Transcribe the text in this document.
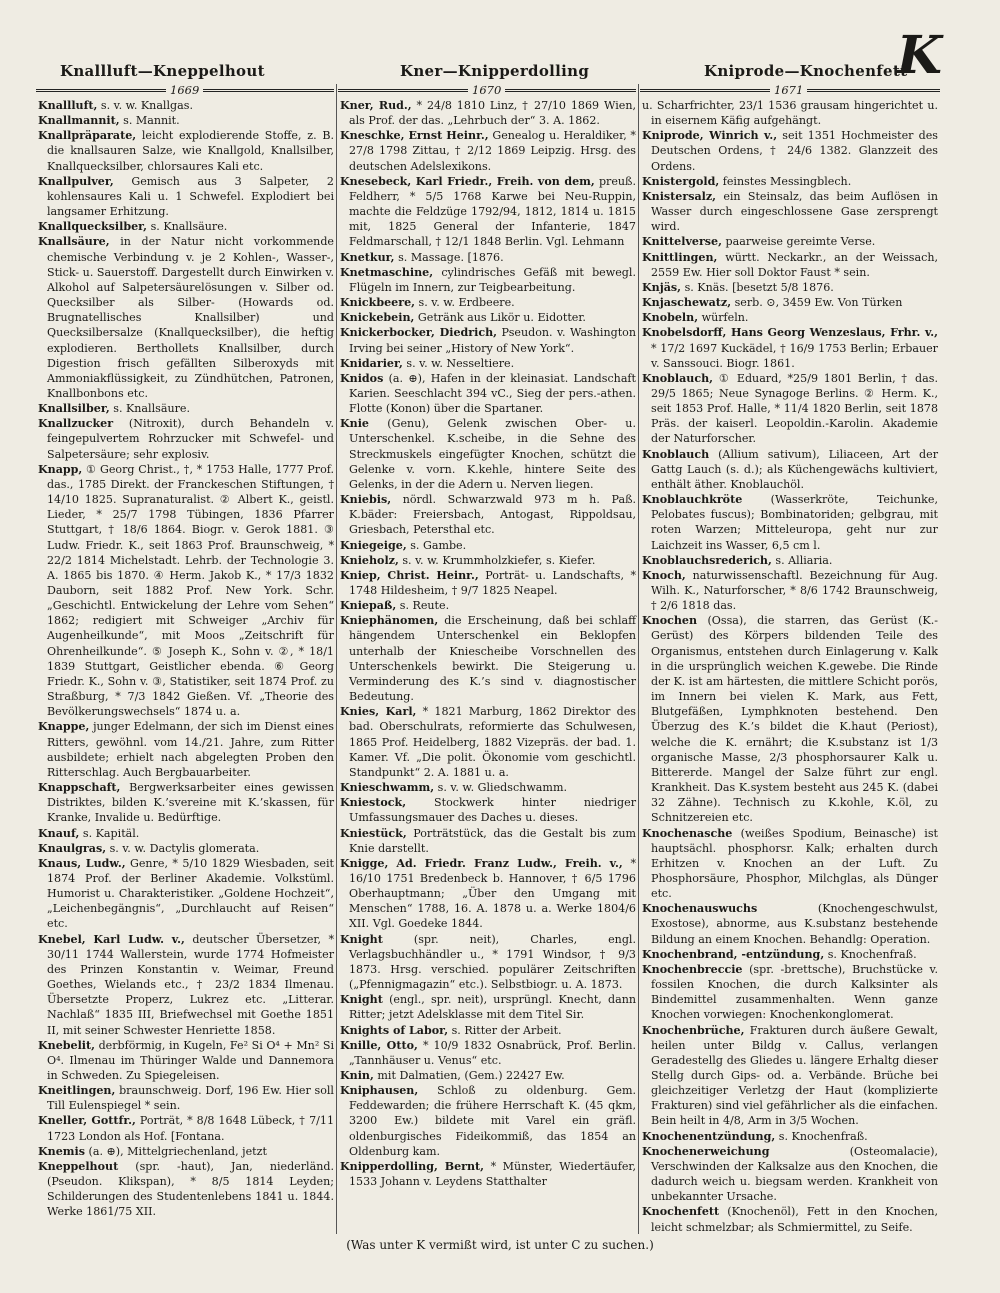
Knallluft—Kneppelhout	Kner—Knipperdolling	Kniprode—Knochenfett
K
1669	1670	1671

Knallluft, s. v. w. Knallgas.

Knallmannit, s. Mannit.

Knallpräparate, leicht explodierende Stoffe, z. B. die knallsauren Salze, wie Knallgold, Knallsilber, Knallquecksilber, chlorsaures Kali etc.

Knallpulver, Gemisch aus 3 Salpeter, 2 kohlensaures Kali u. 1 Schwefel. Explodiert bei langsamer Erhitzung.

Knallquecksilber, s. Knallsäure.

Knallsäure, in der Natur nicht vorkommende chemische Verbindung v. je 2 Kohlen-, Wasser-, Stick- u. Sauerstoff. Dargestellt durch Einwirken v. Alkohol auf Salpetersäurelösungen v. Silber od. Quecksilber als Silber- (Howards od. Brugnatellisches Knallsilber) und Quecksilbersalze (Knallquecksilber), die heftig explodieren. Berthollets Knallsilber, durch Digestion frisch gefällten Silberoxyds mit Ammoniakflüssigkeit, zu Zündhütchen, Patronen, Knallbonbons etc.

Knallsilber, s. Knallsäure.

Knallzucker (Nitroxit), durch Behandeln v. feingepulvertem Rohrzucker mit Schwefel- und Salpetersäure; sehr explosiv.

Knapp, ① Georg Christ., †, * 1753 Halle, 1777 Prof. das., 1785 Direkt. der Franckeschen Stiftungen, † 14/10 1825. Supranaturalist. ② Albert K., geistl. Lieder, * 25/7 1798 Tübingen, 1836 Pfarrer Stuttgart, † 18/6 1864. Biogr. v. Gerok 1881. ③ Ludw. Friedr. K., seit 1863 Prof. Braunschweig, * 22/2 1814 Michelstadt. Lehrb. der Technologie 3. A. 1865 bis 1870. ④ Herm. Jakob K., * 17/3 1832 Dauborn, seit 1882 Prof. New York. Schr. „Geschichtl. Entwickelung der Lehre vom Sehen“ 1862; redigiert mit Schweiger „Archiv für Augenheilkunde“, mit Moos „Zeitschrift für Ohrenheilkunde“. ⑤ Joseph K., Sohn v. ②, * 18/1 1839 Stuttgart, Geistlicher ebenda. ⑥ Georg Friedr. K., Sohn v. ③, Statistiker, seit 1874 Prof. zu Straßburg, * 7/3 1842 Gießen. Vf. „Theorie des Bevölkerungswechsels“ 1874 u. a.

Knappe, junger Edelmann, der sich im Dienst eines Ritters, gewöhnl. vom 14./21. Jahre, zum Ritter ausbildete; erhielt nach abgelegten Proben den Ritterschlag. Auch Bergbauarbeiter.

Knappschaft, Bergwerksarbeiter eines gewissen Distriktes, bilden K.’svereine mit K.’skassen, für Kranke, Invalide u. Bedürftige.

Knauf, s. Kapitäl.

Knaulgras, s. v. w. Dactylis glomerata.

Knaus, Ludw., Genre, * 5/10 1829 Wiesbaden, seit 1874 Prof. der Berliner Akademie. Volkstüml. Humorist u. Charakteristiker. „Goldene Hochzeit“, „Leichenbegängnis“, „Durchlaucht auf Reisen“ etc.

Knebel, Karl Ludw. v., deutscher Übersetzer, * 30/11 1744 Wallerstein, wurde 1774 Hofmeister des Prinzen Konstantin v. Weimar, Freund Goethes, Wielands etc., † 23/2 1834 Ilmenau. Übersetzte Properz, Lukrez etc. „Litterar. Nachlaß“ 1835 III, Briefwechsel mit Goethe 1851 II, mit seiner Schwester Henriette 1858.

Knebelit, derbförmig, in Kugeln, Fe² Si O⁴ + Mn² Si O⁴. Ilmenau im Thüringer Walde und Dannemora in Schweden. Zu Spiegeleisen.

Kneitlingen, braunschweig. Dorf, 196 Ew. Hier soll Till Eulenspiegel * sein.

Kneller, Gottfr., Porträt, * 8/8 1648 Lübeck, † 7/11 1723 London als Hof. [Fontana.

Knemis (a. ⊕), Mittelgriechenland, jetzt

Kneppelhout (spr. -haut), Jan, niederländ. (Pseudon. Klikspan), * 8/5 1814 Leyden; Schilderungen des Studentenlebens 1841 u. 1844. Werke 1861/75 XII.

Kner, Rud., * 24/8 1810 Linz, † 27/10 1869 Wien, als Prof. der das. „Lehrbuch der“ 3. A. 1862.

Kneschke, Ernst Heinr., Genealog u. Heraldiker, * 27/8 1798 Zittau, † 2/12 1869 Leipzig. Hrsg. des deutschen Adelslexikons.

Knesebeck, Karl Friedr., Freih. von dem, preuß. Feldherr, * 5/5 1768 Karwe bei Neu-Ruppin, machte die Feldzüge 1792/94, 1812, 1814 u. 1815 mit, 1825 General der Infanterie, 1847 Feldmarschall, † 12/1 1848 Berlin. Vgl. Lehmann

Knetkur, s. Massage. [1876.

Knetmaschine, cylindrisches Gefäß mit bewegl. Flügeln im Innern, zur Teigbearbeitung.

Knickbeere, s. v. w. Erdbeere.

Knickebein, Getränk aus Likör u. Eidotter.

Knickerbocker, Diedrich, Pseudon. v. Washington Irving bei seiner „History of New York“.

Knidarier, s. v. w. Nesseltiere.

Knidos (a. ⊕), Hafen in der kleinasiat. Landschaft Karien. Seeschlacht 394 vC., Sieg der pers.-athen. Flotte (Konon) über die Spartaner.

Knie (Genu), Gelenk zwischen Ober- u. Unterschenkel. K.scheibe, in die Sehne des Streckmuskels eingefügter Knochen, schützt die Gelenke v. vorn. K.kehle, hintere Seite des Gelenks, in der die Adern u. Nerven liegen.

Kniebis, nördl. Schwarzwald 973 m h. Paß. K.bäder: Freiersbach, Antogast, Rippoldsau, Griesbach, Petersthal etc.

Kniegeige, s. Gambe.

Knieholz, s. v. w. Krummholzkiefer, s. Kiefer.

Kniep, Christ. Heinr., Porträt- u. Landschafts, * 1748 Hildesheim, † 9/7 1825 Neapel.

Kniepaß, s. Reute.

Kniephänomen, die Erscheinung, daß bei schlaff hängendem Unterschenkel ein Beklopfen unterhalb der Kniescheibe Vorschnellen des Unterschenkels bewirkt. Die Steigerung u. Verminderung des K.’s sind v. diagnostischer Bedeutung.

Knies, Karl, * 1821 Marburg, 1862 Direktor des bad. Oberschulrats, reformierte das Schulwesen, 1865 Prof. Heidelberg, 1882 Vizepräs. der bad. 1. Kamer. Vf. „Die polit. Ökonomie vom geschichtl. Standpunkt“ 2. A. 1881 u. a.

Knieschwamm, s. v. w. Gliedschwamm.

Kniestock,	Stockwerk hinter niedriger Umfassungsmauer des Daches u. dieses.

Kniestück, Porträtstück, das die Gestalt bis zum Knie darstellt.

Knigge, Ad. Friedr. Franz Ludw., Freih. v., * 16/10 1751 Bredenbeck b. Hannover, † 6/5 1796 Oberhauptmann; „Über den Umgang mit Menschen“ 1788, 16. A. 1878 u. a. Werke 1804/6 XII. Vgl. Goedeke 1844.

Knight	(spr. neit), Charles, engl. Verlagsbuchhändler u., * 1791 Windsor, † 9/3 1873. Hrsg. verschied. populärer Zeitschriften („Pfennigmagazin“ etc.). Selbstbiogr. u. A. 1873.

Knight (engl., spr. neit), ursprüngl. Knecht, dann Ritter; jetzt Adelsklasse mit dem Titel Sir.

Knights of Labor, s. Ritter der Arbeit.

Knille, Otto, * 10/9 1832 Osnabrück, Prof. Berlin. „Tannhäuser u. Venus“ etc.

Knin, mit Dalmatien, (Gem.) 22427 Ew.

Kniphausen, Schloß zu oldenburg. Gem. Feddewarden; die frühere Herrschaft K. (45 qkm, 3200 Ew.) bildete mit Varel ein gräfl. oldenburgisches Fideikommiß, das 1854 an Oldenburg kam.

Knipperdolling, Bernt, * Münster, Wiedertäufer, 1533 Johann v. Leydens Statthalter

u. Scharfrichter, 23/1 1536 grausam hingerichtet u. in eisernem Käfig aufgehängt.

Kniprode, Winrich v., seit 1351 Hochmeister des Deutschen Ordens, † 24/6 1382. Glanzzeit des Ordens.

Knistergold, feinstes Messingblech.

Knistersalz, ein Steinsalz, das beim Auflösen in Wasser durch eingeschlossene Gase zersprengt wird.

Knittelverse, paarweise gereimte Verse.

Knittlingen, württ. Neckarkr., an der Weissach, 2559 Ew. Hier soll Doktor Faust * sein.

Knjäs, s. Knäs. [besetzt 5/8 1876.

Knjaschewatz, serb. ⊙, 3459 Ew. Von Türken

Knobeln, würfeln.

Knobelsdorff, Hans Georg Wenzeslaus, Frhr. v., * 17/2 1697 Kuckädel, † 16/9 1753 Berlin; Erbauer v. Sanssouci. Biogr. 1861.

Knoblauch, ① Eduard, *25/9 1801 Berlin, † das. 29/5 1865; Neue Synagoge Berlins. ② Herm. K., seit 1853 Prof. Halle, * 11/4 1820 Berlin, seit 1878 Präs. der kaiserl. Leopoldin.-Karolin. Akademie der Naturforscher.

Knoblauch (Allium sativum), Liliaceen, Art der Gattg Lauch (s. d.); als Küchengewächs kultiviert, enthält äther. Knoblauchöl.

Knoblauchkröte	(Wasserkröte, Teichunke, Pelobates fuscus); Bombinatoriden; gelbgrau, mit roten Warzen; Mitteleuropa, geht nur zur Laichzeit ins Wasser, 6,5 cm l.

Knoblauchsrederich, s. Alliaria.

Knoch, naturwissenschaftl. Bezeichnung für Aug. Wilh. K., Naturforscher, * 8/6 1742 Braunschweig, † 2/6 1818 das.

Knochen (Ossa), die starren, das Gerüst (K.-Gerüst) des Körpers bildenden Teile des Organismus, entstehen durch Einlagerung v. Kalk in die ursprünglich weichen K.gewebe. Die Rinde der K. ist am härtesten, die mittlere Schicht porös, im Innern bei vielen K. Mark, aus Fett, Blutgefäßen, Lymphknoten bestehend. Den Überzug des K.’s bildet die K.haut (Periost), welche die K. ernährt; die K.substanz ist 1/3 organische Masse, 2/3 phosphorsaurer Kalk u. Bittererde. Mangel der Salze führt zur engl. Krankheit. Das K.system besteht aus 245 K. (dabei 32 Zähne). Technisch zu K.kohle, K.öl, zu Schnitzereien etc.

Knochenasche (weißes Spodium, Beinasche) ist hauptsächl. phosphorsr. Kalk; erhalten durch Erhitzen v. Knochen an der Luft. Zu Phosphorsäure, Phosphor, Milchglas, als Dünger etc.

Knochenauswuchs	(Knochengeschwulst, Exostose), abnorme, aus K.substanz bestehende Bildung an einem Knochen. Behandlg: Operation.

Knochenbrand, -entzündung, s. Knochenfraß.

Knochenbreccie (spr. -brettsche), Bruchstücke v. fossilen Knochen, die durch Kalksinter als Bindemittel zusammenhalten. Wenn ganze Knochen vorwiegen: Knochenkonglomerat.

Knochenbrüche, Frakturen durch äußere Gewalt, heilen unter Bildg v. Callus, verlangen Geradestellg des Gliedes u. längere Erhaltg dieser Stellg durch Gips- od. a. Verbände. Brüche bei gleichzeitiger Verletzg der Haut (komplizierte Frakturen) sind viel gefährlicher als die einfachen. Bein heilt in 4/8, Arm in 3/5 Wochen.

Knochenentzündung, s. Knochenfraß.

Knochenerweichung	(Osteomalacie), Verschwinden der Kalksalze aus den Knochen, die dadurch weich u. biegsam werden. Krankheit von unbekannter Ursache.

Knochenfett (Knochenöl), Fett in den Knochen, leicht schmelzbar; als Schmiermittel, zu Seife.

(Was unter K vermißt wird, ist unter C zu suchen.)
